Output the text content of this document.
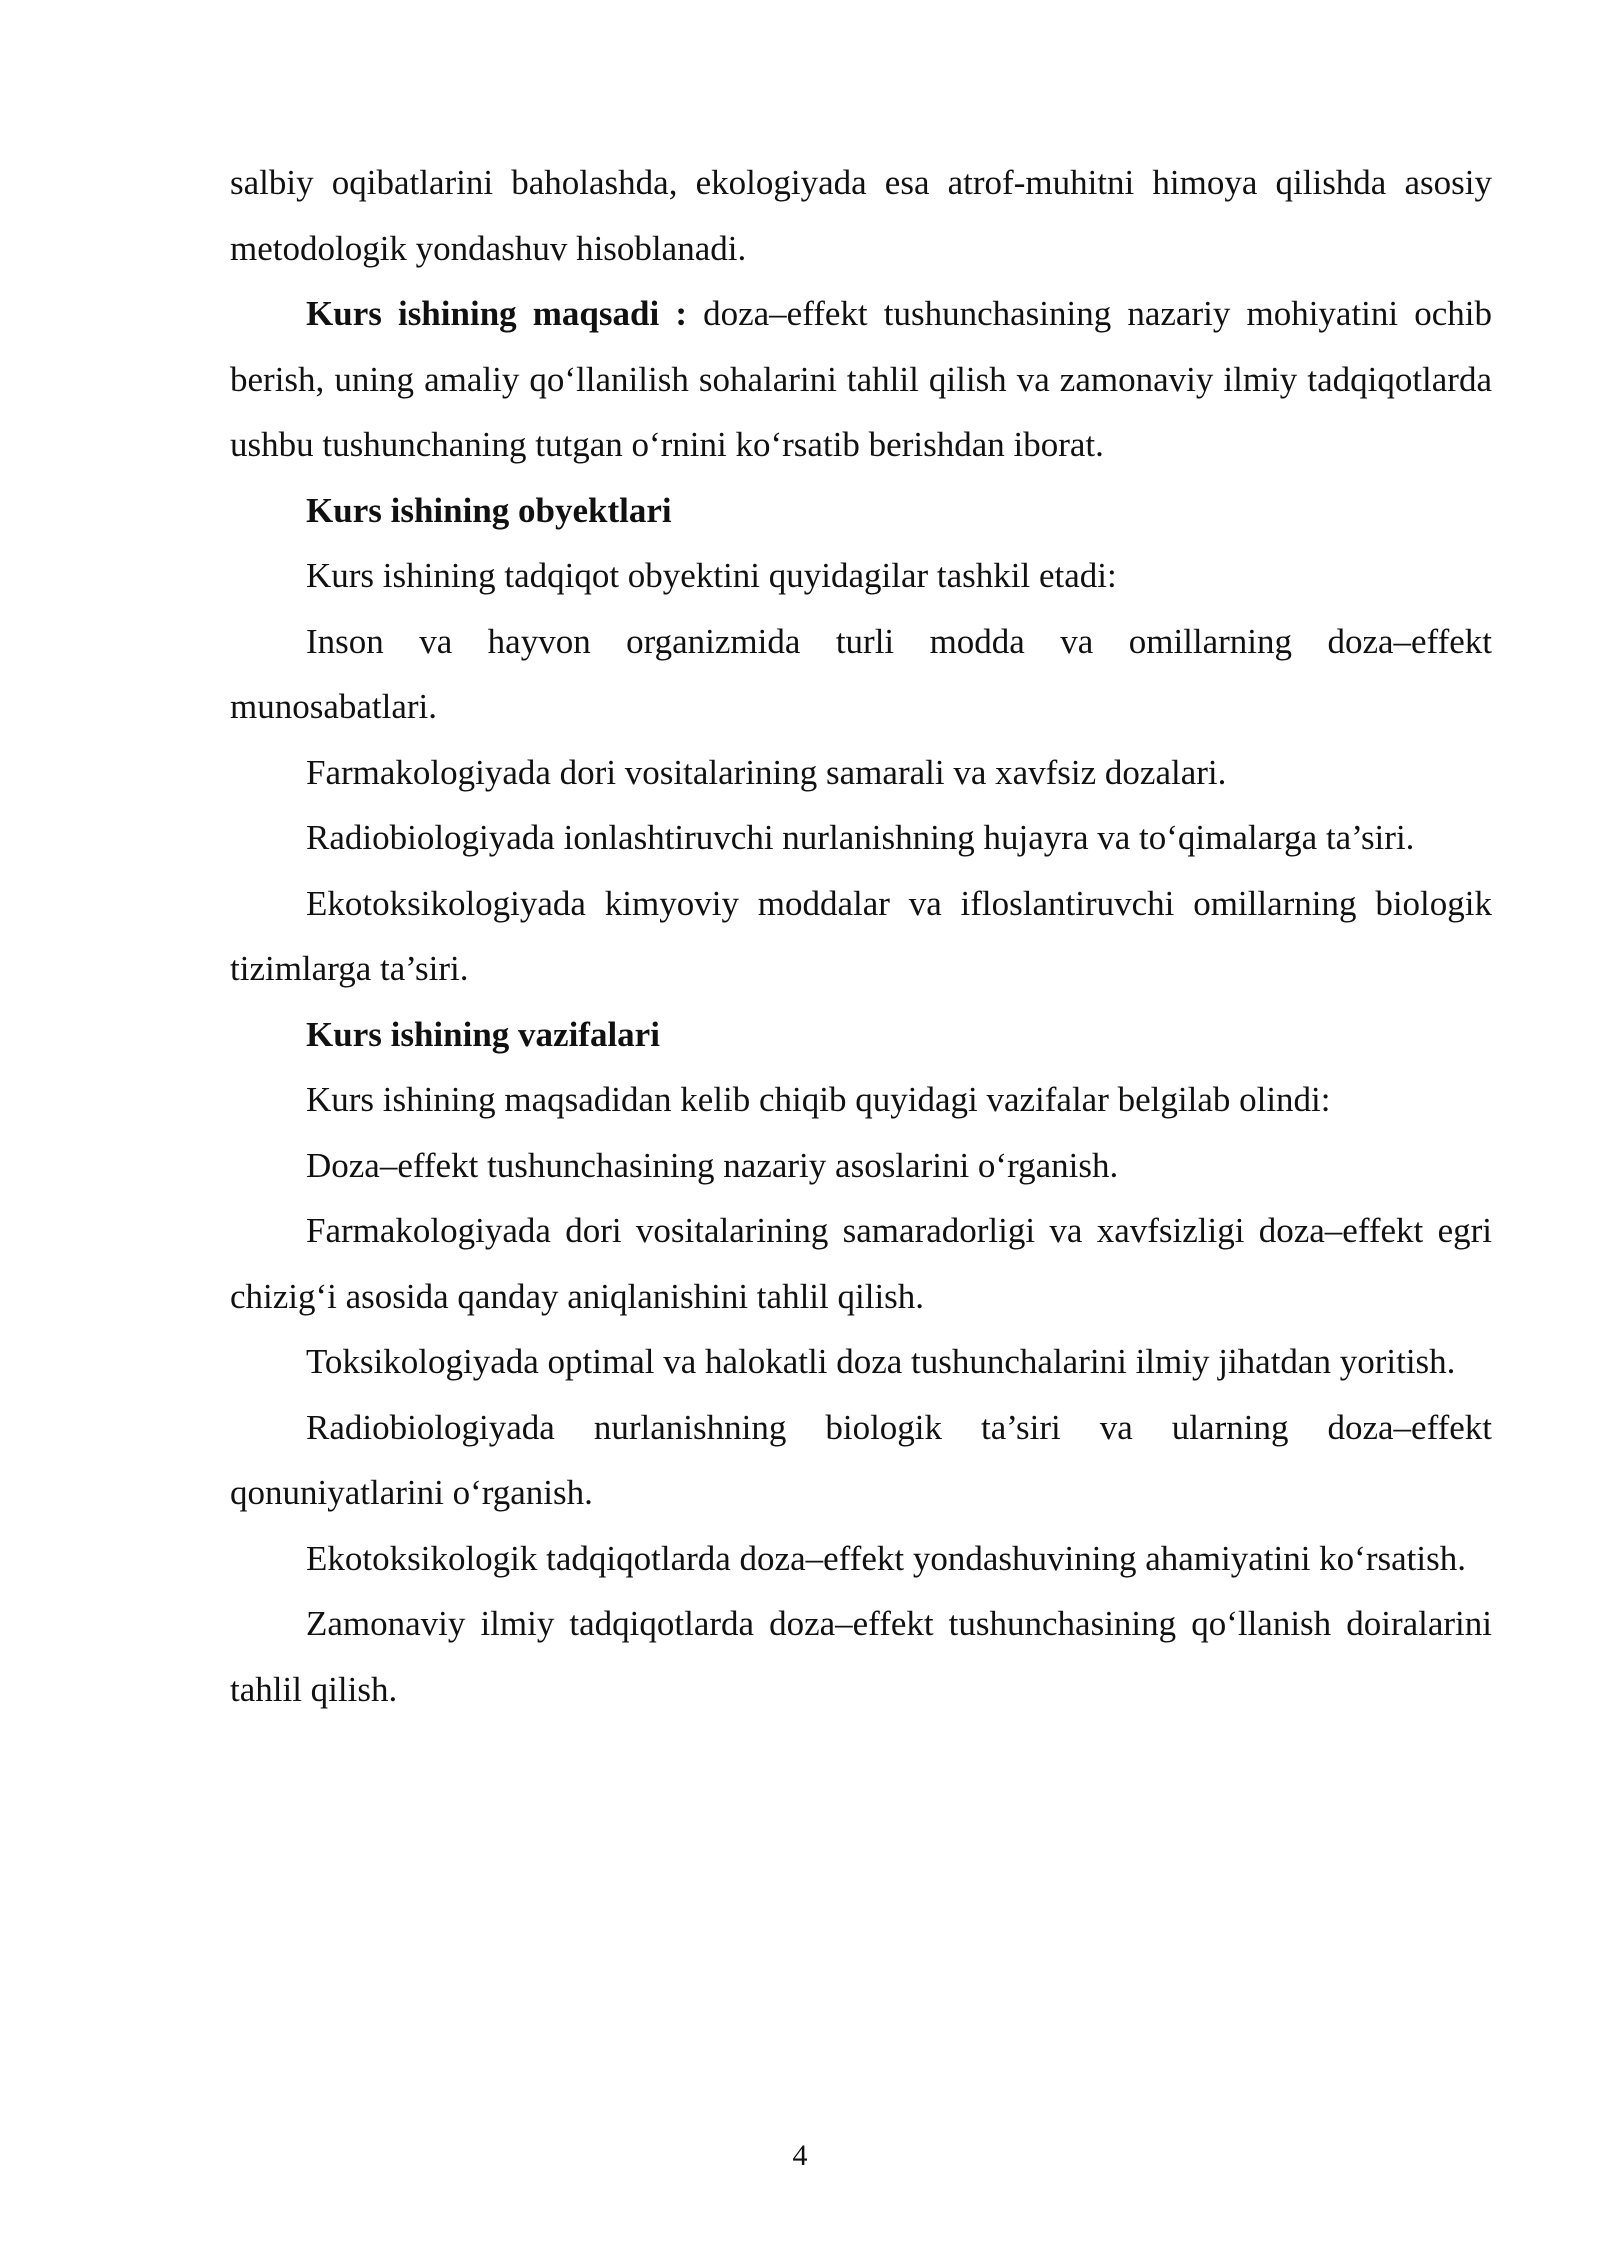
salbiy oqibatlarini baholashda, ekologiyada esa atrof-muhitni himoya qilishda asosiy metodologik yondashuv hisoblanadi.

Kurs ishining maqsadi : doza–effekt tushunchasining nazariy mohiyatini ochib berish, uning amaliy qo‘llanilish sohalarini tahlil qilish va zamonaviy ilmiy tadqiqotlarda ushbu tushunchaning tutgan o‘rnini ko‘rsatib berishdan iborat.

Kurs ishining obyektlari

Kurs ishining tadqiqot obyektini quyidagilar tashkil etadi:

Inson va hayvon organizmida turli modda va omillarning doza–effekt munosabatlari.

Farmakologiyada dori vositalarining samarali va xavfsiz dozalari.

Radiobiologiyada ionlashtiruvchi nurlanishning hujayra va to‘qimalarga ta’siri.

Ekotoksikologiyada kimyoviy moddalar va ifloslantiruvchi omillarning biologik tizimlarga ta’siri.

Kurs ishining vazifalari

Kurs ishining maqsadidan kelib chiqib quyidagi vazifalar belgilab olindi:

Doza–effekt tushunchasining nazariy asoslarini o‘rganish.

Farmakologiyada dori vositalarining samaradorligi va xavfsizligi doza–effekt egri chizig‘i asosida qanday aniqlanishini tahlil qilish.

Toksikologiyada optimal va halokatli doza tushunchalarini ilmiy jihatdan yoritish.

Radiobiologiyada nurlanishning biologik ta’siri va ularning doza–effekt qonuniyatlarini o‘rganish.

Ekotoksikologik tadqiqotlarda doza–effekt yondashuvining ahamiyatini ko‘rsatish.

Zamonaviy ilmiy tadqiqotlarda doza–effekt tushunchasining qo‘llanish doiralarini tahlil qilish.

4
